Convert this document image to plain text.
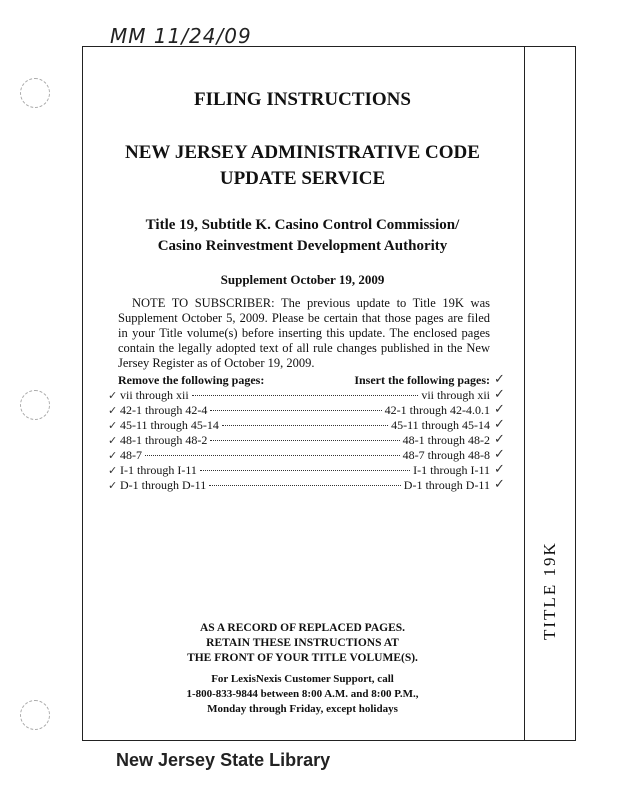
MM 11/24/09
TITLE 19K
FILING INSTRUCTIONS
NEW JERSEY ADMINISTRATIVE CODE
UPDATE SERVICE
Title 19, Subtitle K. Casino Control Commission/
Casino Reinvestment Development Authority
Supplement October 19, 2009
NOTE TO SUBSCRIBER: The previous update to Title 19K was Supplement October 5, 2009. Please be certain that those pages are filed in your Title volume(s) before inserting this update. The enclosed pages contain the legally adopted text of all rule changes published in the New Jersey Register as of October 19, 2009.
Remove the following pages:	Insert the following pages:
✓ vii through xii	vii through xii
✓ 42-1 through 42-4	42-1 through 42-4.0.1
✓ 45-11 through 45-14	45-11 through 45-14
✓ 48-1 through 48-2	48-1 through 48-2
✓ 48-7	48-7 through 48-8
✓ I-1 through I-11	I-1 through I-11
✓ D-1 through D-11	D-1 through D-11
✓
✓
✓
✓
✓
✓
✓
✓
AS A RECORD OF REPLACED PAGES.
RETAIN THESE INSTRUCTIONS AT
THE FRONT OF YOUR TITLE VOLUME(S).
For LexisNexis Customer Support, call
1-800-833-9844 between 8:00 A.M. and 8:00 P.M.,
Monday through Friday, except holidays
New Jersey State Library
